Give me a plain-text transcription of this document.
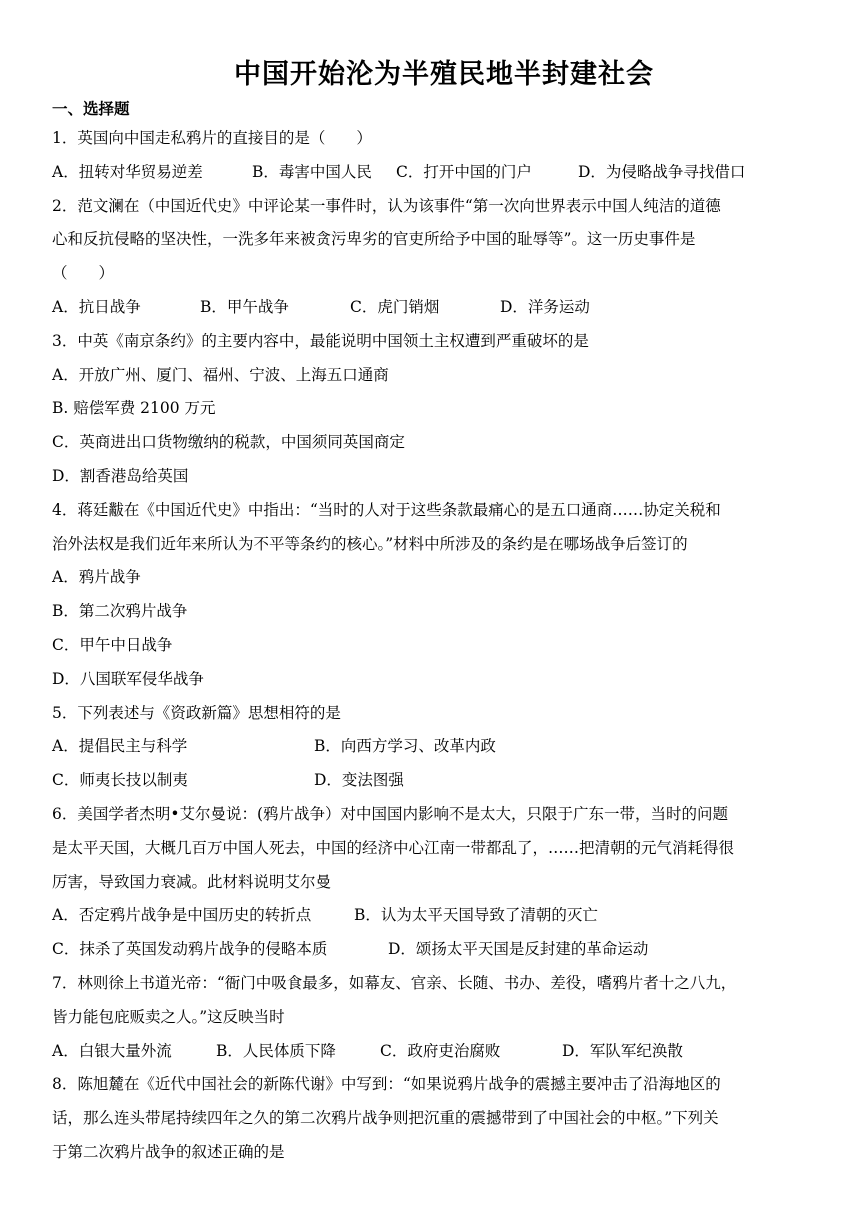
中国开始沦为半殖民地半封建社会
一、选择题
1．英国向中国走私鸦片的直接目的是（　　）
A．扭转对华贸易逆差	B．毒害中国人民	C．打开中国的门户	D．为侵略战争寻找借口
2．范文澜在（中国近代史》中评论某一事件时，认为该事件“第一次向世界表示中国人纯洁的道德
心和反抗侵略的坚决性，一洗多年来被贪污卑劣的官吏所给予中国的耻辱等”。这一历史事件是
（　　）
A．抗日战争	B．甲午战争	C．虎门销烟	D．洋务运动
3．中英《南京条约》的主要内容中，最能说明中国领土主权遭到严重破坏的是
A．开放广州、厦门、福州、宁波、上海五口通商
B. 赔偿军费 2100 万元
C．英商进出口货物缴纳的税款，中国须同英国商定
D．割香港岛给英国
4．蒋廷黻在《中国近代史》中指出：“当时的人对于这些条款最痛心的是五口通商……协定关税和
治外法权是我们近年来所认为不平等条约的核心。”材料中所涉及的条约是在哪场战争后签订的
A．鸦片战争
B．第二次鸦片战争
C．甲午中日战争
D．八国联军侵华战争
5．下列表述与《资政新篇》思想相符的是
A．提倡民主与科学	B．向西方学习、改革内政
C．师夷长技以制夷	D．变法图强
6．美国学者杰明•艾尔曼说：(鸦片战争）对中国国内影响不是太大，只限于广东一带，当时的问题
是太平天国，大概几百万中国人死去，中国的经济中心江南一带都乱了，……把清朝的元气消耗得很
厉害，导致国力衰减。此材料说明艾尔曼
A．否定鸦片战争是中国历史的转折点	B．认为太平天国导致了清朝的灭亡
C．抹杀了英国发动鸦片战争的侵略本质	D．颂扬太平天国是反封建的革命运动
7．林则徐上书道光帝：“衙门中吸食最多，如幕友、官亲、长随、书办、差役，嗜鸦片者十之八九，
皆力能包庇贩卖之人。”这反映当时
A．白银大量外流	B．人民体质下降	C．政府吏治腐败	D．军队军纪涣散
8．陈旭麓在《近代中国社会的新陈代谢》中写到：“如果说鸦片战争的震撼主要冲击了沿海地区的
话，那么连头带尾持续四年之久的第二次鸦片战争则把沉重的震撼带到了中国社会的中枢。”下列关
于第二次鸦片战争的叙述正确的是
